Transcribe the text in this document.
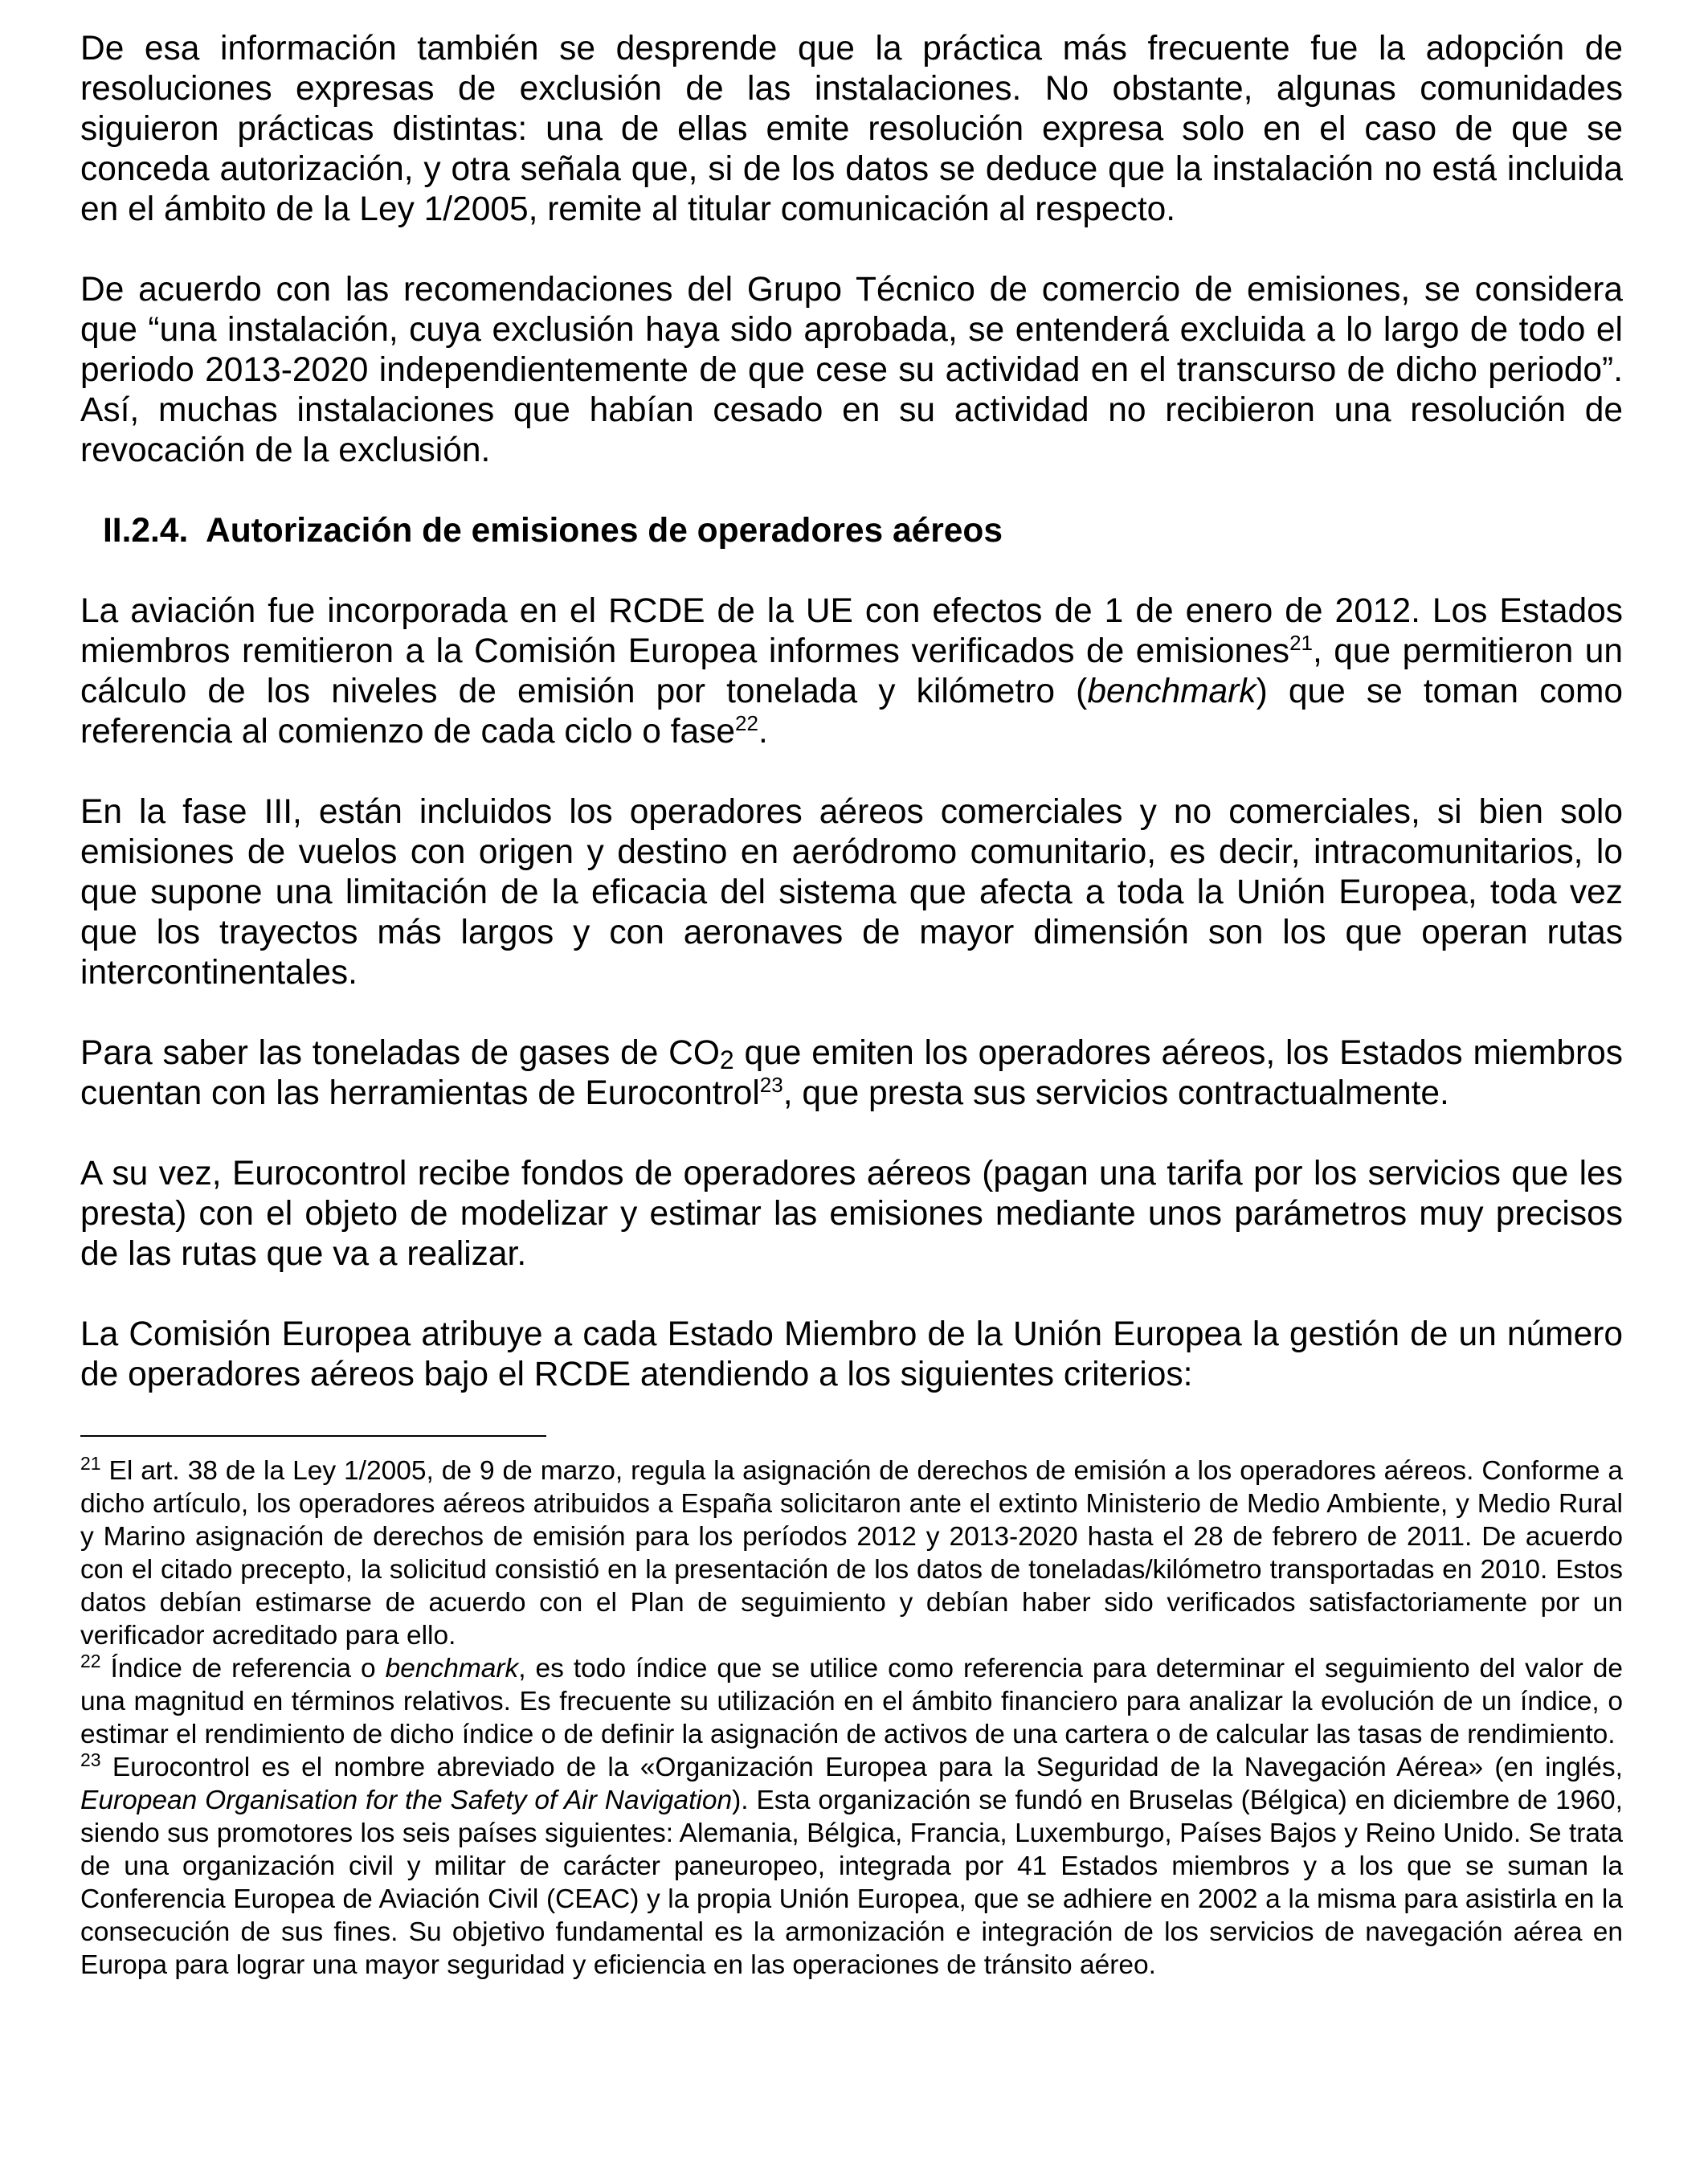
De esa información también se desprende que la práctica más frecuente fue la adopción de resoluciones expresas de exclusión de las instalaciones. No obstante, algunas comunidades siguieron prácticas distintas: una de ellas emite resolución expresa solo en el caso de que se conceda autorización, y otra señala que, si de los datos se deduce que la instalación no está incluida en el ámbito de la Ley 1/2005, remite al titular comunicación al respecto.

De acuerdo con las recomendaciones del Grupo Técnico de comercio de emisiones, se considera que “una instalación, cuya exclusión haya sido aprobada, se entenderá excluida a lo largo de todo el periodo 2013-2020 independientemente de que cese su actividad en el transcurso de dicho periodo”. Así, muchas instalaciones que habían cesado en su actividad no recibieron una resolución de revocación de la exclusión.

II.2.4. Autorización de emisiones de operadores aéreos

La aviación fue incorporada en el RCDE de la UE con efectos de 1 de enero de 2012. Los Estados miembros remitieron a la Comisión Europea informes verificados de emisiones$^{21}$, que permitieron un cálculo de los niveles de emisión por tonelada y kilómetro (benchmark) que se toman como referencia al comienzo de cada ciclo o fase$^{22}$.

En la fase III, están incluidos los operadores aéreos comerciales y no comerciales, si bien solo emisiones de vuelos con origen y destino en aeródromo comunitario, es decir, intracomunitarios, lo que supone una limitación de la eficacia del sistema que afecta a toda la Unión Europea, toda vez que los trayectos más largos y con aeronaves de mayor dimensión son los que operan rutas intercontinentales.

Para saber las toneladas de gases de $CO_2$ que emiten los operadores aéreos, los Estados miembros cuentan con las herramientas de Eurocontrol$^{23}$, que presta sus servicios contractualmente.

A su vez, Eurocontrol recibe fondos de operadores aéreos (pagan una tarifa por los servicios que les presta) con el objeto de modelizar y estimar las emisiones mediante unos parámetros muy precisos de las rutas que va a realizar.

La Comisión Europea atribuye a cada Estado Miembro de la Unión Europea la gestión de un número de operadores aéreos bajo el RCDE atendiendo a los siguientes criterios:

$^{21}$ El art. 38 de la Ley 1/2005, de 9 de marzo, regula la asignación de derechos de emisión a los operadores aéreos. Conforme a dicho artículo, los operadores aéreos atribuidos a España solicitaron ante el extinto Ministerio de Medio Ambiente, y Medio Rural y Marino asignación de derechos de emisión para los períodos 2012 y 2013-2020 hasta el 28 de febrero de 2011. De acuerdo con el citado precepto, la solicitud consistió en la presentación de los datos de toneladas/kilómetro transportadas en 2010. Estos datos debían estimarse de acuerdo con el Plan de seguimiento y debían haber sido verificados satisfactoriamente por un verificador acreditado para ello.

$^{22}$ Índice de referencia o benchmark, es todo índice que se utilice como referencia para determinar el seguimiento del valor de una magnitud en términos relativos. Es frecuente su utilización en el ámbito financiero para analizar la evolución de un índice, o estimar el rendimiento de dicho índice o de definir la asignación de activos de una cartera o de calcular las tasas de rendimiento.

$^{23}$ Eurocontrol es el nombre abreviado de la «Organización Europea para la Seguridad de la Navegación Aérea» (en inglés, European Organisation for the Safety of Air Navigation). Esta organización se fundó en Bruselas (Bélgica) en diciembre de 1960, siendo sus promotores los seis países siguientes: Alemania, Bélgica, Francia, Luxemburgo, Países Bajos y Reino Unido. Se trata de una organización civil y militar de carácter paneuropeo, integrada por 41 Estados miembros y a los que se suman la Conferencia Europea de Aviación Civil (CEAC) y la propia Unión Europea, que se adhiere en 2002 a la misma para asistirla en la consecución de sus fines. Su objetivo fundamental es la armonización e integración de los servicios de navegación aérea en Europa para lograr una mayor seguridad y eficiencia en las operaciones de tránsito aéreo.
